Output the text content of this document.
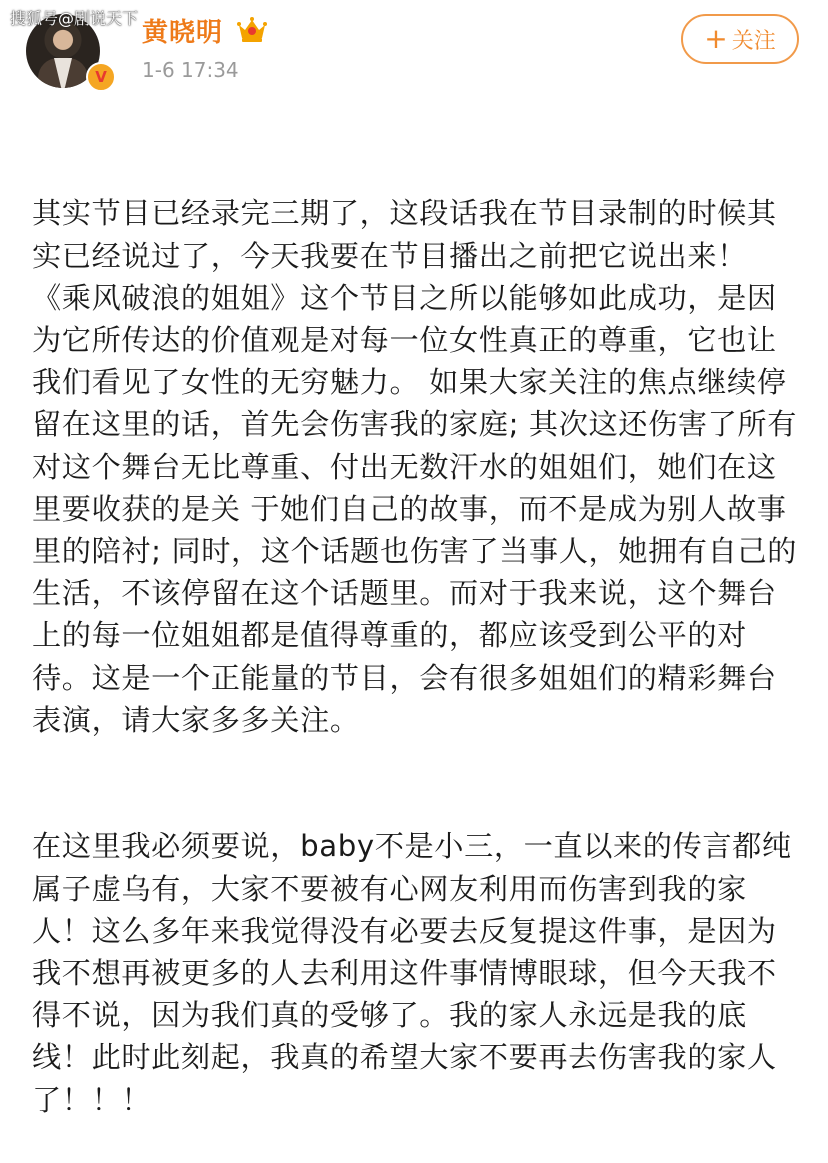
搜狐号@剧说天下
V
黄晓明
1-6 17:34
+ 关注

其实节目已经录完三期了，这段话我在节目录制的时候其实已经说过了，今天我要在节目播出之前把它说出来！《乘风破浪的姐姐》这个节目之所以能够如此成功，是因为它所传达的价值观是对每一位女性真正的尊重，它也让我们看见了女性的无穷魅力。 如果大家关注的焦点继续停留在这里的话，首先会伤害我的家庭; 其次这还伤害了所有对这个舞台无比尊重、付出无数汗水的姐姐们，她们在这里要收获的是关 于她们自己的故事，而不是成为别人故事里的陪衬; 同时，这个话题也伤害了当事人，她拥有自己的生活，不该停留在这个话题里。而对于我来说，这个舞台上的每一位姐姐都是值得尊重的，都应该受到公平的对待。这是一个正能量的节目，会有很多姐姐们的精彩舞台表演，请大家多多关注。

在这里我必须要说，baby不是小三，一直以来的传言都纯属子虚乌有，大家不要被有心网友利用而伤害到我的家人！这么多年来我觉得没有必要去反复提这件事，是因为我不想再被更多的人去利用这件事情博眼球，但今天我不得不说，因为我们真的受够了。我的家人永远是我的底线！此时此刻起，我真的希望大家不要再去伤害我的家人了！！！
